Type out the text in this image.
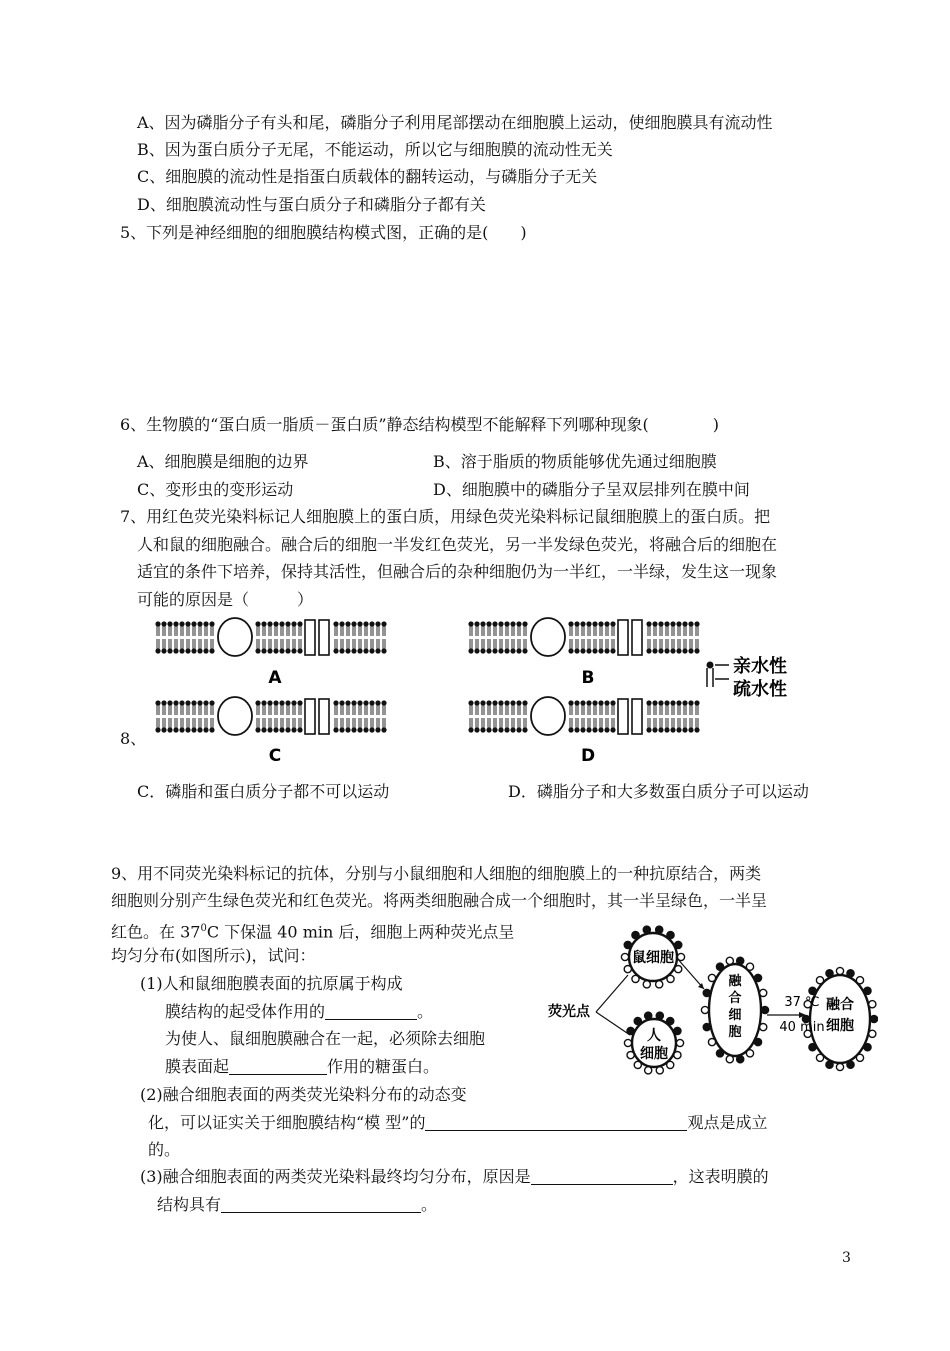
A、因为磷脂分子有头和尾，磷脂分子利用尾部摆动在细胞膜上运动，使细胞膜具有流动性
B、因为蛋白质分子无尾，不能运动，所以它与细胞膜的流动性无关
C、细胞膜的流动性是指蛋白质载体的翻转运动，与磷脂分子无关
D、细胞膜流动性与蛋白质分子和磷脂分子都有关
5、下列是神经细胞的细胞膜结构模式图，正确的是(　　)
6、生物膜的“蛋白质一脂质－蛋白质”静态结构模型不能解释下列哪种现象(　　　　)
A、细胞膜是细胞的边界	B、溶于脂质的物质能够优先通过细胞膜
C、变形虫的变形运动	D、细胞膜中的磷脂分子呈双层排列在膜中间
7、用红色荧光染料标记人细胞膜上的蛋白质，用绿色荧光染料标记鼠细胞膜上的蛋白质。把
人和鼠的细胞融合。融合后的细胞一半发红色荧光，另一半发绿色荧光，将融合后的细胞在
适宜的条件下培养，保持其活性，但融合后的杂种细胞仍为一半红，一半绿，发生这一现象
可能的原因是（　　　）
A	B
C	D
亲水性
疏水性
8、
C．磷脂和蛋白质分子都不可以运动	D．磷脂分子和大多数蛋白质分子可以运动
9、用不同荧光染料标记的抗体，分别与小鼠细胞和人细胞的细胞膜上的一种抗原结合，两类
细胞则分别产生绿色荧光和红色荧光。将两类细胞融合成一个细胞时，其一半呈绿色，一半呈
红色。在 $37^0C$ 下保温 40 min 后，细胞上两种荧光点呈
均匀分布(如图所示)，试问：
(1)人和鼠细胞膜表面的抗原属于构成
膜结构的起受体作用的	。
为使人、鼠细胞膜融合在一起，必须除去细胞
膜表面起	作用的糖蛋白。
(2)融合细胞表面的两类荧光染料分布的动态变
化，可以证实关于细胞膜结构“模 型”的	观点是成立
的。
(3)融合细胞表面的两类荧光染料最终均匀分布，原因是	，这表明膜的
结构具有	。
荧光点
鼠细胞
人
细胞
融
合
细
胞
37 ℃
40 min
融合
细胞
3
